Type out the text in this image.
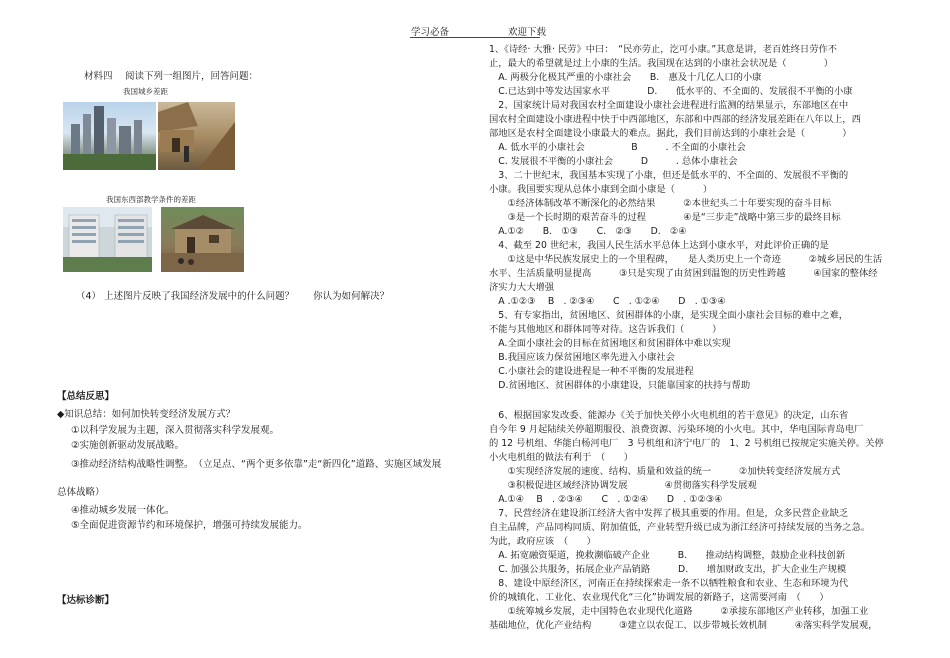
学习必备	欢迎下载
材料四　 阅读下列一组图片，回答问题：
我国城乡差距
我国东西部教学条件的差距
（4） 上述图片反映了我国经济发展中的什么问题？　　你认为如何解决？
【总结反思】
◆知识总结：如何加快转变经济发展方式？
①以科学发展为主题，深入贯彻落实科学发展观。
②实施创新驱动发展战略。
③推动经济结构战略性调整。　（立足点、“两个更多依靠”走“新四化”道路、实施区域发展
总体战略）
④推动城乡发展一体化。
⑤全面促进资源节约和环境保护，增强可持续发展能力。
【达标诊断】
1、《诗经· 大雅· 民劳》中曰：　“民亦劳止，汔可小康。”其意是讲，老百姓终日劳作不
止，最大的希望就是过上小康的生活。我国现在达到的小康社会状况是（　　　　）
　A. 两极分化极其严重的小康社会　　B.　惠及十几亿人口的小康
　C.已达到中等发达国家水平　　　　D.　　低水平的、不全面的、发展很不平衡的小康
　2、国家统计局对我国农村全面建设小康社会进程进行监测的结果显示，东部地区在中
国农村全面建设小康进程中快于中西部地区，东部和中西部的经济发展差距在八年以上，西
部地区是农村全面建设小康最大的难点。据此，我们目前达到的小康社会是（　　　　）
　A. 低水平的小康社会　　　　　B　　　. 不全面的小康社会
　C. 发展很不平衡的小康社会　　　D　　　. 总体小康社会
　3、二十世纪末，我国基本实现了小康，但还是低水平的、不全面的、发展很不平衡的
小康。我国要实现从总体小康到全面小康是（　　　）
　　①经济体制改革不断深化的必然结果　　　②本世纪头二十年要实现的奋斗目标
　　③是一个长时期的艰苦奋斗的过程　　　　④是“三步走”战略中第三步的最终目标
　A.①②　　B.　①③　　C.　②③　　D.　②④
　4、截至 20 世纪末，我国人民生活水平总体上达到小康水平，对此评价正确的是
　　①这是中华民族发展史上的一个里程碑，　　是人类历史上一个奇迹　　　②城乡居民的生活
水平、生活质量明显提高　　　③只是实现了由贫困到温饱的历史性跨越　　　④国家的整体经
济实力大大增强
　A .①②③　 B　. ②③④　　C　. ①②④　　D　. ①③④
　5、有专家指出，贫困地区、贫困群体的小康，是实现全面小康社会目标的难中之难，
不能与其他地区和群体同等对待。这告诉我们（　　　）
　A.全面小康社会的目标在贫困地区和贫困群体中难以实现
　B.我国应该力保贫困地区率先进入小康社会
　C.小康社会的建设进程是一种不平衡的发展进程
　D.贫困地区、贫困群体的小康建设，只能靠国家的扶持与帮助
　6、根据国家发改委、能源办《关于加快关停小火电机组的若干意见》的决定，山东省
自今年 9 月起陆续关停超期服役、浪费资源、污染环境的小火电。其中，华电国际青岛电厂
的 12 号机组、华能白杨河电厂　3 号机组和济宁电厂的　1、2 号机组已按规定实施关停。关停
小火电机组的做法有利于　（　　）
　　①实现经济发展的速度、结构、质量和效益的统一　　　②加快转变经济发展方式
　　③积极促进区域经济协调发展　　　　④贯彻落实科学发展观
　A.①④　 B　. ②③④　　C　. ①②④　　D　. ①②③④
　7、民营经济在建设浙江经济大省中发挥了极其重要的作用。但是，众多民营企业缺乏
自主品牌，产品同构同质、附加值低，产业转型升级已成为浙江经济可持续发展的当务之急。
为此，政府应该　（　　）
　A. 拓宽融资渠道，挽救濒临破产企业　　　B.　　推动结构调整，鼓励企业科技创新
　C. 加强公共服务，拓展企业产品销路　　　D.　　增加财政支出，扩大企业生产规模
　8、建设中原经济区，河南正在持续探索走一条不以牺牲粮食和农业、生态和环境为代
价的城镇化、工业化、农业现代化“三化”协调发展的新路子，这需要河南　（　　）
　　①统筹城乡发展，走中国特色农业现代化道路　　　②承接东部地区产业转移，加强工业
基础地位，优化产业结构　　　③建立以农促工、以步带城长效机制　　　④落实科学发展观，
